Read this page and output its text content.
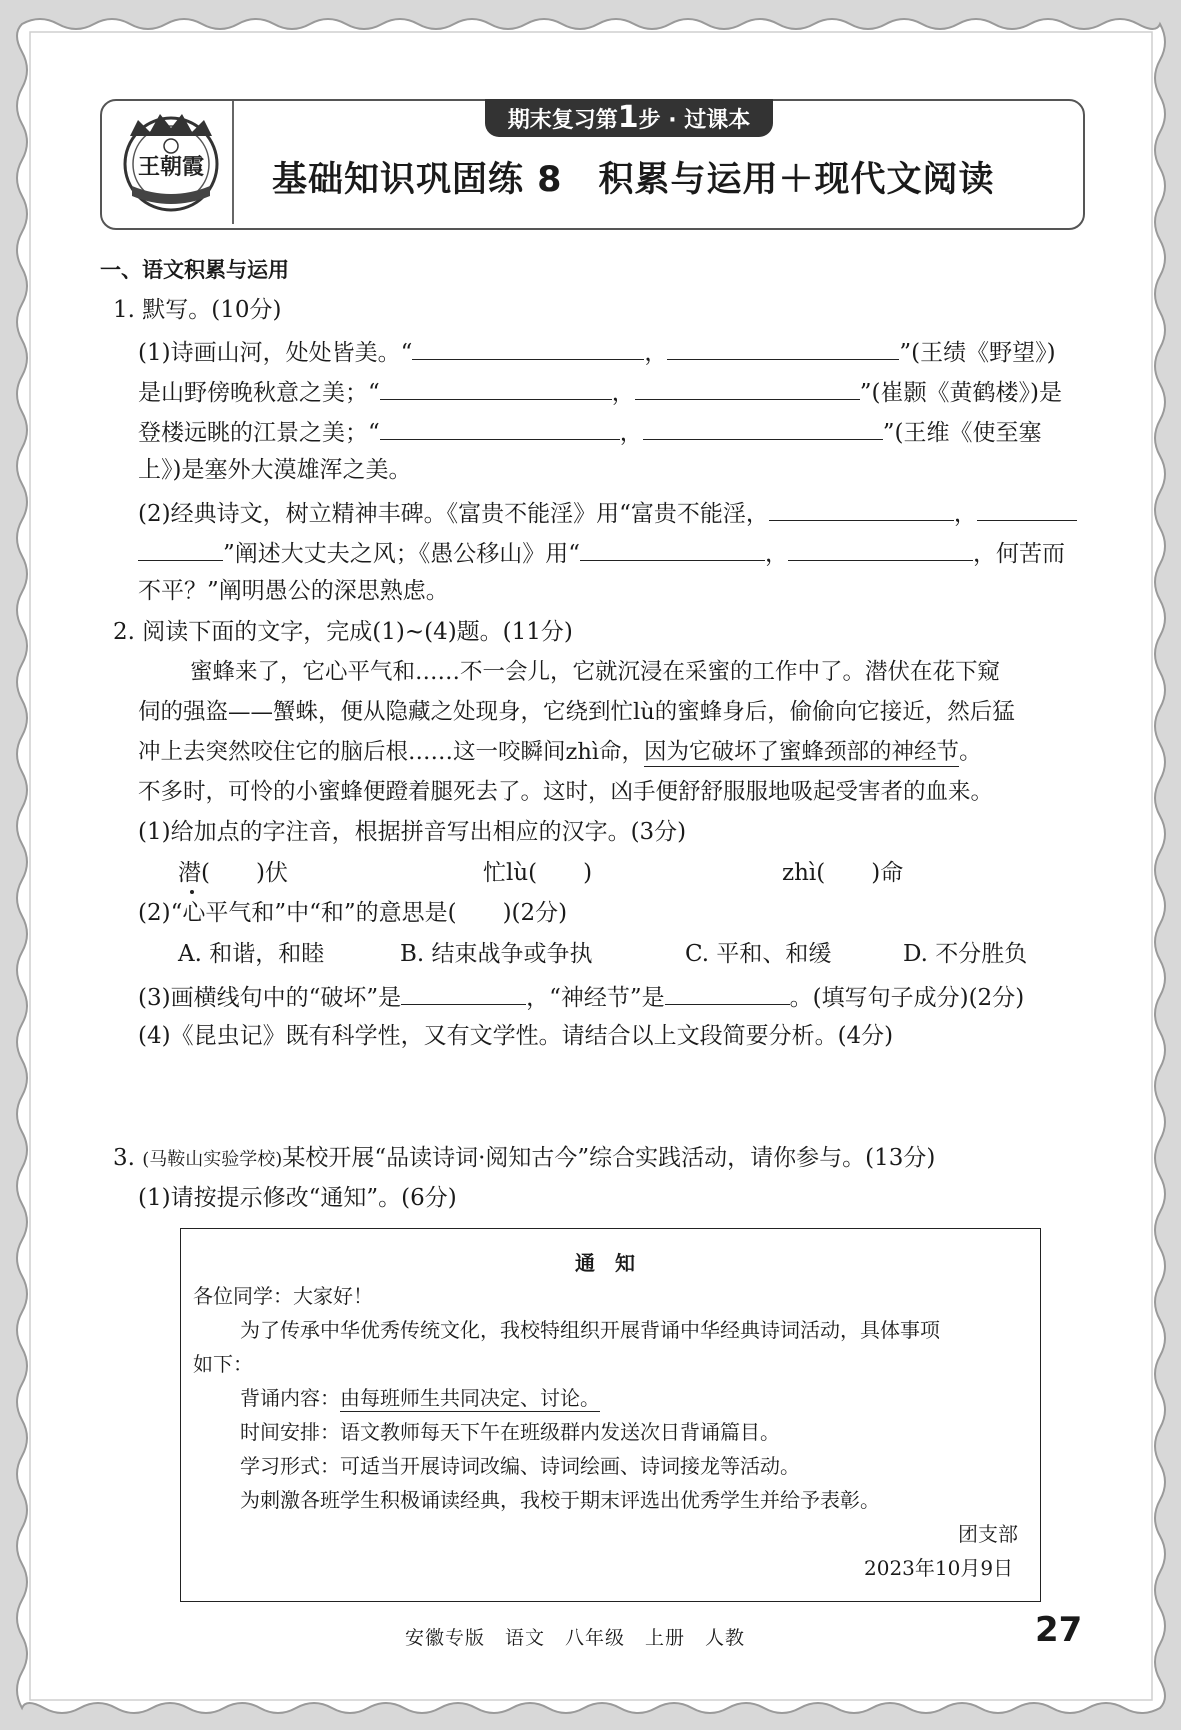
王朝霞
期末复习第1步 · 过课本
基础知识巩固练 8　积累与运用＋现代文阅读
一、语文积累与运用
1. 默写。(10分)
(1)诗画山河，处处皆美。“	，	”(王绩《野望》)
是山野傍晚秋意之美；“	，	”(崔颢《黄鹤楼》)是
登楼远眺的江景之美；“	，	”(王维《使至塞
上》)是塞外大漠雄浑之美。
(2)经典诗文，树立精神丰碑。《富贵不能淫》用“富贵不能淫，	，
”阐述大丈夫之风；《愚公移山》用“	，	，何苦而
不平？”阐明愚公的深思熟虑。
2. 阅读下面的文字，完成(1)~(4)题。(11分)
蜜蜂来了，它心平气和……不一会儿，它就沉浸在采蜜的工作中了。潜伏在花下窥
伺的强盗——蟹蛛，便从隐藏之处现身，它绕到忙lù的蜜蜂身后，偷偷向它接近，然后猛
冲上去突然咬住它的脑后根……这一咬瞬间zhì命，因为它破坏了蜜蜂颈部的神经节。
不多时，可怜的小蜜蜂便蹬着腿死去了。这时，凶手便舒舒服服地吸起受害者的血来。
(1)给加点的字注音，根据拼音写出相应的汉字。(3分)
潜(　　)伏	忙lù(　　)	zhì(　　)命
(2)“心平气和”中“和”的意思是(　　)(2分)
A. 和谐，和睦	B. 结束战争或争执	C. 平和、和缓	D. 不分胜负
(3)画横线句中的“破坏”是	，“神经节”是	。(填写句子成分)(2分)
(4)《昆虫记》既有科学性，又有文学性。请结合以上文段简要分析。(4分)
3. (马鞍山实验学校)某校开展“品读诗词·阅知古今”综合实践活动，请你参与。(13分)
(1)请按提示修改“通知”。(6分)
通　知
各位同学：大家好！
为了传承中华优秀传统文化，我校特组织开展背诵中华经典诗词活动，具体事项
如下：
背诵内容：由每班师生共同决定、讨论。
时间安排：语文教师每天下午在班级群内发送次日背诵篇目。
学习形式：可适当开展诗词改编、诗词绘画、诗词接龙等活动。
为刺激各班学生积极诵读经典，我校于期末评选出优秀学生并给予表彰。
团支部
2023年10月9日
安徽专版　语文　八年级　上册　人教	27
